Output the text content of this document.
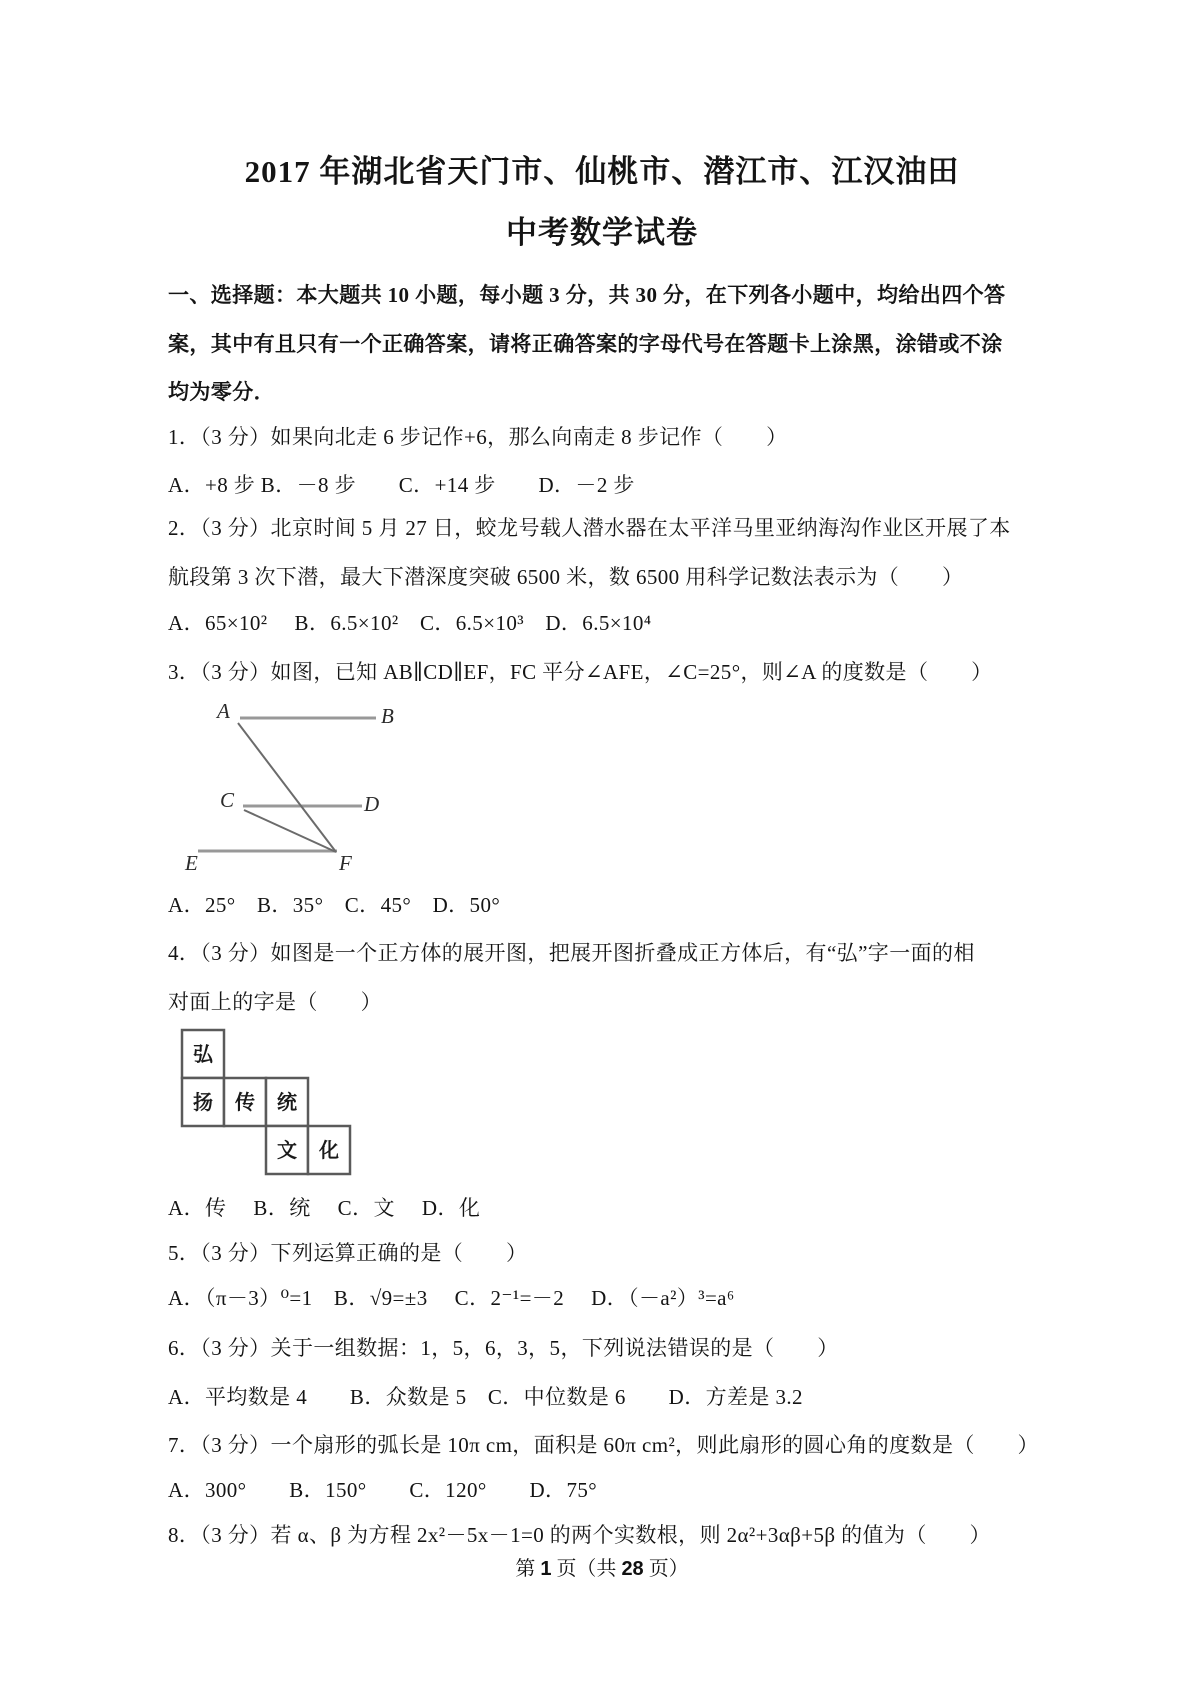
2017 年湖北省天门市、仙桃市、潜江市、江汉油田
中考数学试卷
一、选择题：本大题共 10 小题，每小题 3 分，共 30 分，在下列各小题中，均给出四个答
案，其中有且只有一个正确答案，请将正确答案的字母代号在答题卡上涂黑，涂错或不涂
均为零分．
1．（3 分）如果向北走 6 步记作+6，那么向南走 8 步记作（　　）
A．+8 步 B．－8 步　　C．+14 步　　D．－2 步
2．（3 分）北京时间 5 月 27 日，蛟龙号载人潜水器在太平洋马里亚纳海沟作业区开展了本
航段第 3 次下潜，最大下潜深度突破 6500 米，数 6500 用科学记数法表示为（　　）
A．65×10²　 B．6.5×10²　C．6.5×10³　D．6.5×10⁴
3．（3 分）如图，已知 AB∥CD∥EF，FC 平分∠AFE，∠C=25°，则∠A 的度数是（　　）
A	B
C	D
E	F
A．25°　B．35°　C．45°　D．50°
4．（3 分）如图是一个正方体的展开图，把展开图折叠成正方体后，有“弘”字一面的相
对面上的字是（　　）
弘
扬 传 统
文 化
A．传　 B．统　 C．文　 D．化
5．（3 分）下列运算正确的是（　　）
A．（π－3）⁰=1　B．√9=±3　 C．2⁻¹=－2　 D．（－a²）³=a⁶
6．（3 分）关于一组数据：1，5，6，3，5，下列说法错误的是（　　）
A．平均数是 4　　B．众数是 5　C．中位数是 6　　D．方差是 3.2
7．（3 分）一个扇形的弧长是 10π cm，面积是 60π cm²，则此扇形的圆心角的度数是（　　）
A．300°　　B．150°　　C．120°　　D．75°
8．（3 分）若 α、β 为方程 2x²－5x－1=0 的两个实数根，则 2α²+3αβ+5β 的值为（　　）
第 1 页（共 28 页）
